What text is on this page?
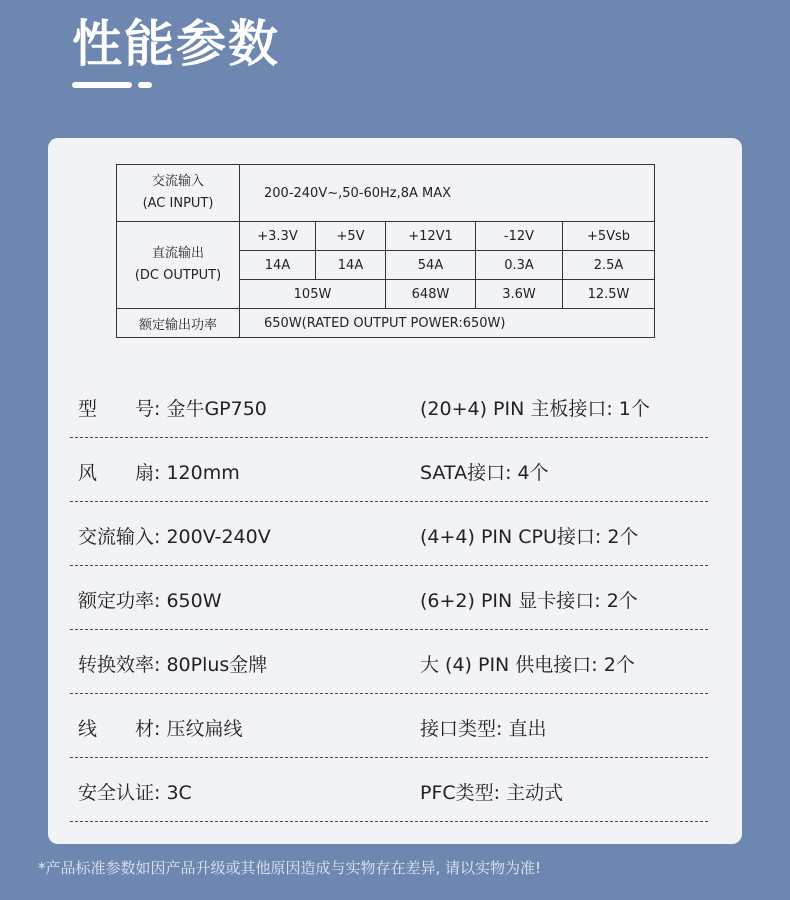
性能参数
交流输入
(AC INPUT)	200-240V~,50-60Hz,8A MAX				

直流输出
(DC OUTPUT)	+3.3V	+5V	+12V1	-12V	+5Vsb
	14A	14A	54A	0.3A	2.5A
	105W		648W	3.6W	12.5W
额定输出功率	650W(RATED OUTPUT POWER:650W)				
型　　号: 金牛GP750	(20+4) PIN 主板接口: 1个
风　　扇: 120mm	SATA接口: 4个
交流输入: 200V-240V	(4+4) PIN CPU接口: 2个
额定功率: 650W	(6+2) PIN 显卡接口: 2个
转换效率: 80Plus金牌	大 (4) PIN 供电接口: 2个
线　　材: 压纹扁线	接口类型: 直出
安全认证: 3C	PFC类型: 主动式
*产品标准参数如因产品升级或其他原因造成与实物存在差异, 请以实物为准!
